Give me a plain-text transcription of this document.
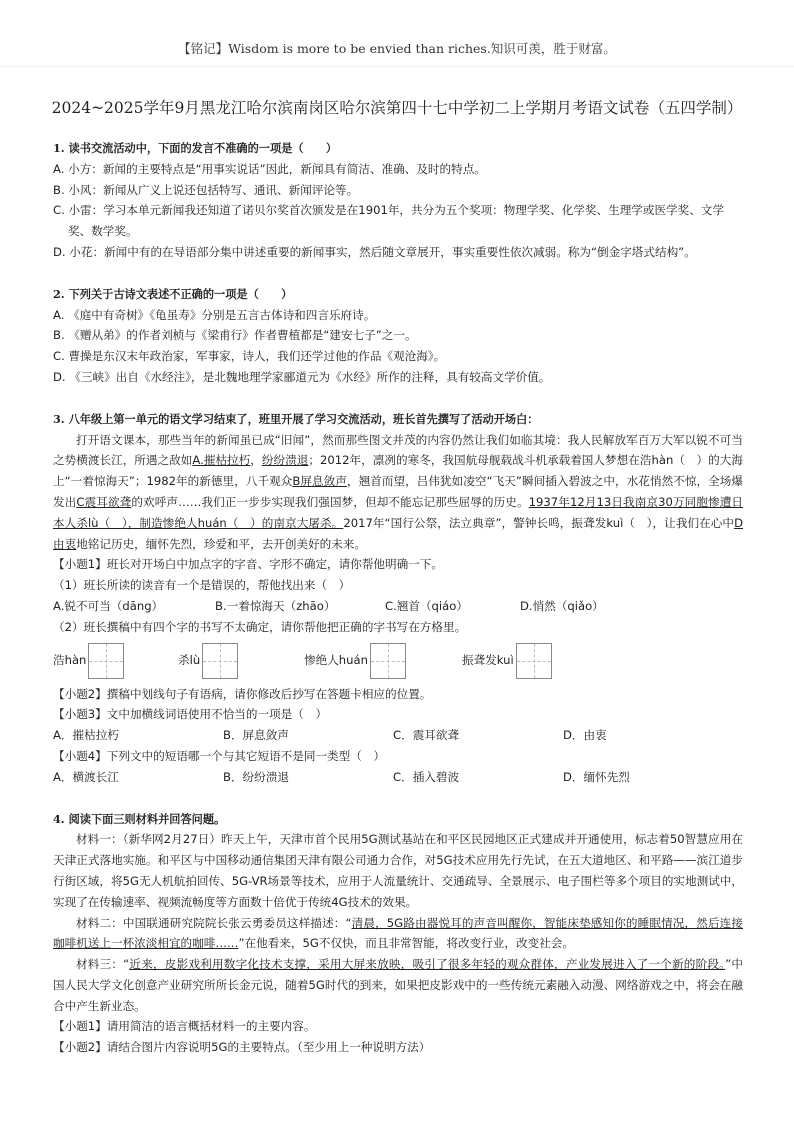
【铭记】Wisdom is more to be envied than riches.知识可羡，胜于财富。
2024~2025学年9月黑龙江哈尔滨南岗区哈尔滨第四十七中学初二上学期月考语文试卷（五四学制）
1. 读书交流活动中，下面的发言不准确的一项是（　　）
A. 小方：新闻的主要特点是“用事实说话”因此，新闻具有简洁、准确、及时的特点。
B. 小风：新闻从广义上说还包括特写、通讯、新闻评论等。
C. 小雷：学习本单元新闻我还知道了诺贝尔奖首次颁发是在1901年，共分为五个奖项：物理学奖、化学奖、生理学或医学奖、文学奖、数学奖。
D. 小花：新闻中有的在导语部分集中讲述重要的新闻事实，然后随文章展开，事实重要性依次减弱。称为“倒金字塔式结构”。
2. 下列关于古诗文表述不正确的一项是（　　）
A. 《庭中有奇树》《龟虽寿》分别是五言古体诗和四言乐府诗。
B. 《赠从弟》的作者刘桢与《梁甫行》作者曹植都是“建安七子”之一。
C. 曹操是东汉末年政治家，军事家，诗人，我们还学过他的作品《观沧海》。
D. 《三峡》出自《水经注》，是北魏地理学家郦道元为《水经》所作的注释，具有较高文学价值。
3. 八年级上第一单元的语文学习结束了，班里开展了学习交流活动，班长首先撰写了活动开场白：
打开语文课本，那些当年的新闻虽已成“旧闻”，然而那些图文并茂的内容仍然让我们如临其境：我人民解放军百万大军以锐不可当之势横渡长江，所遇之敌如A.摧枯拉朽，纷纷溃退；2012年，凛冽的寒冬，我国航母舰载战斗机承载着国人梦想在浩hàn（　）的大海上“一着惊海天”；1982年的新德里，八千观众B屏息敛声，翘首而望，吕伟犹如凌空“飞天”瞬间插入碧波之中，水花悄然不惊，全场爆发出C震耳欲聋的欢呼声……我们正一步步实现我们强国梦，但却不能忘记那些屈辱的历史。1937年12月13日我南京30万同胞惨遭日本人杀lù（　），制造惨绝人huán（　）的南京大屠杀。2017年“国行公祭，法立典章”，警钟长鸣，振聋发kuì（　），让我们在心中D由衷地铭记历史，缅怀先烈，珍爱和平，去开创美好的未来。
【小题1】班长对开场白中加点字的字音、字形不确定，请你帮他明确一下。
（1）班长所读的读音有一个是错误的，帮他找出来（　）
A.锐不可当（dāng）	B.一着惊海天（zhāo）	C.翘首（qiáo）	D.悄然（qiǎo）
（2）班长撰稿中有四个字的书写不太确定，请你帮他把正确的字书写在方格里。
浩hàn	杀lù	惨绝人huán	振聋发kuì
【小题2】撰稿中划线句子有语病，请你修改后抄写在答题卡相应的位置。
【小题3】文中加横线词语使用不恰当的一项是（　）
A．摧枯拉朽	B．屏息敛声	C．震耳欲聋	D．由衷
【小题4】下列文中的短语哪一个与其它短语不是同一类型（　）
A．横渡长江	B．纷纷溃退	C．插入碧波	D．缅怀先烈
4. 阅读下面三则材料并回答问题。
材料一：（新华网2月27日）昨天上午，天津市首个民用5G测试基站在和平区民园地区正式建成并开通使用，标志着50智慧应用在天津正式落地实施。和平区与中国移动通信集团天津有限公司通力合作，对5G技术应用先行先试，在五大道地区、和平路——滨江道步行街区域，将5G无人机航拍回传、5G-VR场景等技术，应用于人流量统计、交通疏导、全景展示、电子围栏等多个项目的实地测试中，实现了在传输速率、视频流畅度等方面数十倍优于传统4G技术的效果。
材料二：中国联通研究院院长张云勇委员这样描述：“清晨，5G路由器悦耳的声音叫醒你，智能床垫感知你的睡眠情况，然后连接咖啡机送上一杯浓淡相宜的咖啡……”在他看来，5G不仅快，而且非常智能，将改变行业，改变社会。
材料三：“近来，皮影戏利用数字化技术支撑，采用大屏来放映，吸引了很多年轻的观众群体，产业发展进入了一个新的阶段。”中国人民大学文化创意产业研究所所长金元说，随着5G时代的到来，如果把皮影戏中的一些传统元素融入动漫、网络游戏之中，将会在融合中产生新业态。
【小题1】请用简洁的语言概括材料一的主要内容。
【小题2】请结合图片内容说明5G的主要特点。（至少用上一种说明方法）
